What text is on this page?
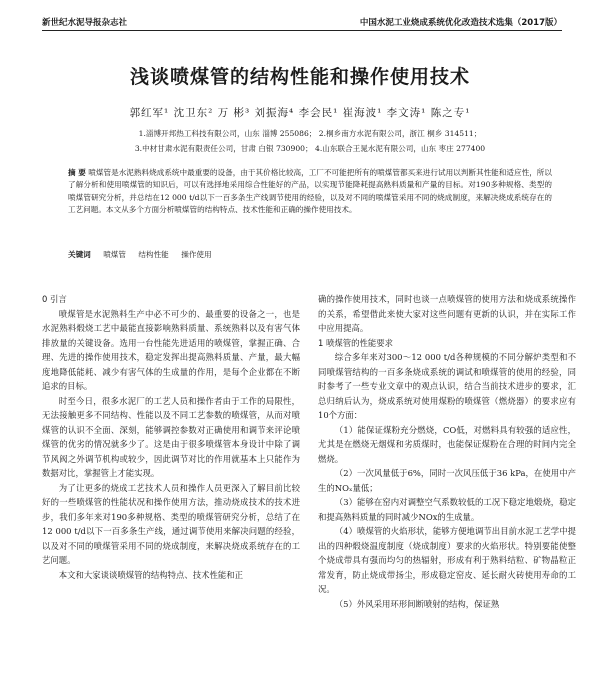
新世纪水泥导报杂志社	中国水泥工业烧成系统优化改造技术选集（2017版）
浅谈喷煤管的结构性能和操作使用技术
郭红军¹ 沈卫东² 万 彬³ 刘振海⁴ 李会民¹ 崔海波¹ 李文涛¹ 陈之专¹
1.淄博开邦热工科技有限公司，山东 淄博 255086； 2.桐乡南方水泥有限公司，浙江 桐乡 314511；
3.中材甘肃水泥有限责任公司，甘肃 白银 730900； 4.山东联合王晁水泥有限公司，山东 枣庄 277400
摘 要 喷煤管是水泥熟料烧成系统中最重要的设备，由于其价格比较高，工厂不可能把所有的喷煤管都买来进行试用以判断其性能和适应性，所以了解分析和使用喷煤管的知识后，可以有选择地采用综合性能好的产品，以实现节能降耗提高熟料质量和产量的目标。对190多种规格、类型的喷煤管研究分析，并总结在12 000 t/d以下一百多条生产线调节使用的经验，以及对不同的喷煤管采用不同的烧成制度，来解决烧成系统存在的工艺问题。本文从多个方面分析喷煤管的结构特点、技术性能和正确的操作使用技术。
关键词 喷煤管 结构性能 操作使用
0 引言

喷煤管是水泥熟料生产中必不可少的、最重要的设备之一，也是水泥熟料煅烧工艺中最能直接影响熟料质量、系统熟料以及有害气体排放量的关键设备。选用一台性能先进适用的喷煤管，掌握正确、合理、先进的操作使用技术，稳定发挥出提高熟料质量、产量，最大幅度地降低能耗、减少有害气体的生成量的作用，是每个企业都在不断追求的目标。

时至今日，很多水泥厂的工艺人员和操作者由于工作的局限性，无法接触更多不同结构、性能以及不同工艺参数的喷煤管，从而对喷煤管的认识不全面、深刻，能够调控参数对正确使用和调节来评论喷煤管的优劣的情况就多少了。这是由于很多喷煤管本身设计中除了调节风阀之外调节机构或较少，因此调节对比的作用就基本上只能作为数据对比，掌握管上才能实现。

为了让更多的烧成工艺技术人员和操作人员更深入了解目前比较好的一些喷煤管的性能状况和操作使用方法，推动烧成技术的技术进步，我们多年来对190多种规格、类型的喷煤管研究分析，总结了在12 000 t/d以下一百多条生产线，通过调节使用来解决问题的经验，以及对不同的喷煤管采用不同的烧成制度，来解决烧成系统存在的工艺问题。

本文和大家谈谈喷煤管的结构特点、技术性能和正

确的操作使用技术，同时也谈一点喷煤管的使用方法和烧成系统操作的关系，希望借此来使大家对这些问题有更新的认识，并在实际工作中应用提高。

1 喷煤管的性能要求

综合多年来对300～12 000 t/d各种规模的不同分解炉类型和不同喷煤管结构的一百多条烧成系统的调试和喷煤管的使用的经验，同时参考了一些专业文章中的观点认识，结合当前技术进步的要求，汇总归纳后认为，烧成系统对使用煤粉的喷煤管（燃烧器）的要求应有10个方面：

（1）能保证煤粉充分燃烧，CO低，对燃料具有较强的适应性，尤其是在燃烧无烟煤和劣质煤时，也能保证煤粉在合理的时间内完全燃烧。

（2）一次风量低于6%，同时一次风压低于36 kPa，在使用中产生的NOₓ量低；

（3）能够在窑内对调整空气系数较低的工况下稳定地煅烧，稳定和提高熟料质量的同时减少NOx的生成量。

（4）喷煤管的火焰形状，能够方便地调节出目前水泥工艺学中提出的四种煅烧温度制度（烧成制度）要求的火焰形状。特别要能使整个烧成带具有强而均匀的热辐射，形成有利于熟料结粒、矿物晶粒正常发育，防止烧成带扬尘，形成稳定窑皮、延长耐火砖使用寿命的工况。

（5）外风采用环形间断喷射的结构，保证熟
